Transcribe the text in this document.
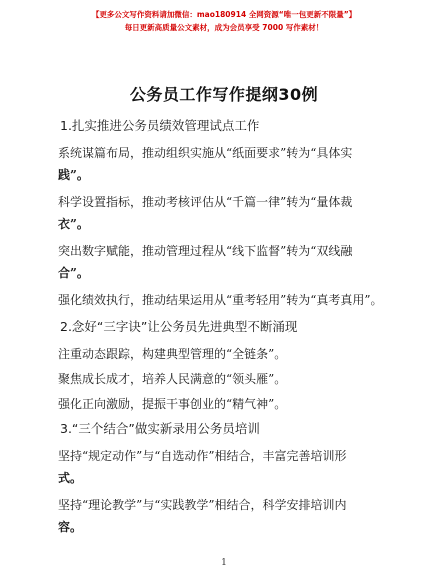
【更多公文写作资料请加微信：mao180914 全网资源“唯一包更新不限量”】
每日更新高质量公文素材，成为会员享受 7000 写作素材！
公务员工作写作提纲30例
1.扎实推进公务员绩效管理试点工作
系统谋篇布局，推动组织实施从“纸面要求”转为“具体实
践”。
科学设置指标，推动考核评估从“千篇一律”转为“量体裁
衣”。
突出数字赋能，推动管理过程从“线下监督”转为“双线融
合”。
强化绩效执行，推动结果运用从“重考轻用”转为“真考真用”。
2.念好“三字诀”让公务员先进典型不断涌现
注重动态跟踪，构建典型管理的“全链条”。
聚焦成长成才，培养人民满意的“领头雁”。
强化正向激励，提振干事创业的“精气神”。
3.“三个结合”做实新录用公务员培训
坚持“规定动作”与“自选动作”相结合，丰富完善培训形
式。
坚持“理论教学”与“实践教学”相结合，科学安排培训内
容。
1
